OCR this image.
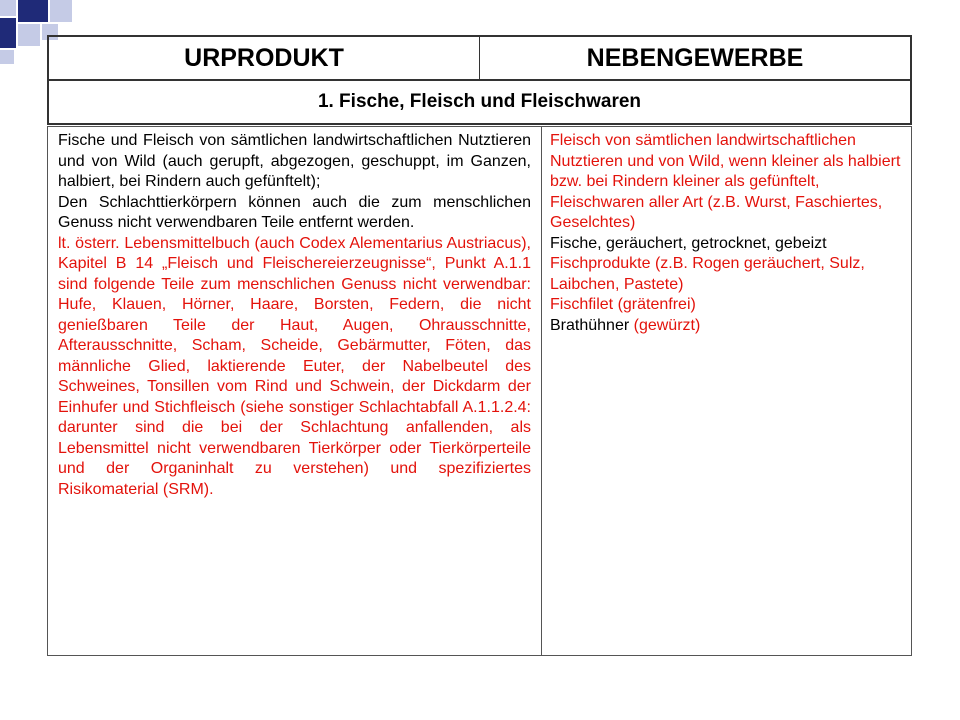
URPRODUKT	NEBENGEWERBE
1. Fische, Fleisch und Fleischwaren

Fische und Fleisch von sämtlichen landwirtschaftlichen Nutztieren und von Wild (auch gerupft, abgezogen, geschuppt, im Ganzen, halbiert, bei Rindern auch gefünftelt);

Den Schlachttierkörpern können auch die zum menschlichen Genuss nicht verwendbaren Teile entfernt werden.

lt. österr. Lebensmittelbuch (auch Codex Alementarius Austriacus), Kapitel B 14 „Fleisch und Fleischereierzeugnisse“, Punkt A.1.1 sind folgende Teile zum menschlichen Genuss nicht verwendbar: Hufe, Klauen, Hörner, Haare, Borsten, Federn, die nicht genießbaren Teile der Haut, Augen, Ohrausschnitte, Afterausschnitte, Scham, Scheide, Gebärmutter, Föten, das männliche Glied, laktierende Euter, der Nabelbeutel des Schweines, Tonsillen vom Rind und Schwein, der Dickdarm der Einhufer und Stichfleisch (siehe sonstiger Schlachtabfall A.1.1.2.4: darunter sind die bei der Schlachtung anfallenden, als Lebensmittel nicht verwendbaren Tierkörper oder Tierkörperteile und der Organinhalt zu verstehen) und spezifiziertes Risikomaterial (SRM).

Fleisch von sämtlichen landwirtschaftlichen Nutztieren und von Wild, wenn kleiner als halbiert bzw. bei Rindern kleiner als gefünftelt,

Fleischwaren aller Art (z.B. Wurst, Faschiertes, Geselchtes)

Fische, geräuchert, getrocknet, gebeizt

Fischprodukte (z.B. Rogen geräuchert, Sulz, Laibchen, Pastete)

Fischfilet (grätenfrei)

Brathühner (gewürzt)
